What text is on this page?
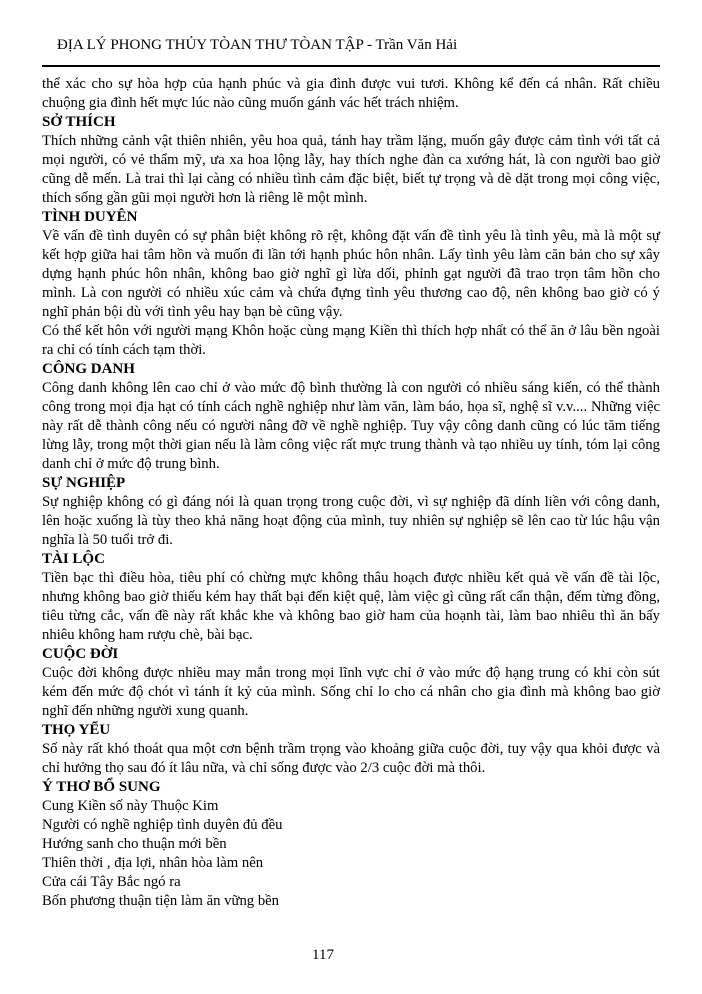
ĐỊA LÝ PHONG THỦY TÒAN THƯ TÒAN TẬP - Trần Văn Hải

thể xác cho sự hòa hợp của hạnh phúc và gia đình được vui tươi. Không kể đến cá nhân. Rất chiều chuộng gia đình hết mực lúc nào cũng muốn gánh vác hết trách nhiệm.

SỞ THÍCH

Thích những cảnh vật thiên nhiên, yêu hoa quả, tánh hay trầm lặng, muốn gây được cảm tình với tất cả mọi người, có vẻ thẩm mỹ, ưa xa hoa lộng lẫy, hay thích nghe đàn ca xướng hát, là con người bao giờ cũng dễ mến. Là trai thì lại càng có nhiều tình cảm đặc biệt, biết tự trọng và dè dặt trong mọi công việc, thích sống gần gũi mọi người hơn là riêng lẽ một mình.

TÌNH DUYÊN

Về vấn đề tình duyên có sự phân biệt không rõ rệt, không đặt vấn đề tình yêu là tình yêu, mà là một sự kết hợp giữa hai tâm hồn và muốn đi lần tới hạnh phúc hôn nhân. Lấy tình yêu làm căn bản cho sự xây dựng hạnh phúc hôn nhân, không bao giờ nghĩ gì lừa dối, phỉnh gạt người đã trao trọn tâm hồn cho mình. Là con người có nhiều xúc cảm và chứa đựng tình yêu thương cao độ, nên không bao giờ có ý nghĩ phản bội dù với tình yêu hay bạn bè cũng vậy.

Có thể kết hôn với người mạng Khôn hoặc cùng mạng Kiền thì thích hợp nhất có thể ăn ở lâu bền ngoài ra chỉ có tính cách tạm thời.

CÔNG DANH

Công danh không lên cao chỉ ở vào mức độ bình thường là con người có nhiều sáng kiến, có thể thành công trong mọi địa hạt có tính cách nghề nghiệp như làm văn, làm báo, họa sĩ, nghệ sĩ v.v.... Những việc này rất dễ thành công nếu có người nâng đỡ về nghề nghiệp. Tuy vậy công danh cũng có lúc tăm tiếng lừng lẫy, trong một thời gian nếu là làm công việc rất mực trung thành và tạo nhiều uy tính, tóm lại công danh chỉ ở mức độ trung bình.

SỰ NGHIỆP

Sự nghiệp không có gì đáng nói là quan trọng trong cuộc đời, vì sự nghiệp đã dính liền với công danh, lên hoặc xuống là tùy theo khả năng hoạt động của mình, tuy nhiên sự nghiệp sẽ lên cao từ lúc hậu vận nghĩa là 50 tuổi trở đi.

TÀI LỘC

Tiền bạc thì điều hòa, tiêu phí có chừng mực không thâu hoạch được nhiều kết quả về vấn đề tài lộc, nhưng không bao giờ thiếu kém hay thất bại đến kiệt quệ, làm việc gì cũng rất cẩn thận, đếm từng đồng, tiêu từng cắc, vấn đề này rất khắc khe và không bao giờ ham của hoạnh tài, làm bao nhiêu thì ăn bấy nhiêu không ham rượu chè, bài bạc.

CUỘC ĐỜI

Cuộc đời không được nhiều may mắn trong mọi lĩnh vực chỉ ở vào mức độ hạng trung có khi còn sút kém đến mức độ chót vì tánh ít kỷ của mình. Sống chỉ lo cho cá nhân cho gia đình mà không bao giờ nghĩ đến những người xung quanh.

THỌ YỂU

Số này rất khó thoát qua một cơn bệnh trầm trọng vào khoảng giữa cuộc đời, tuy vậy qua khỏi được và chỉ hưởng thọ sau đó ít lâu nữa, và chỉ sống được vào 2/3 cuộc đời mà thôi.

Ý THƠ BỔ SUNG
Cung Kiền số này Thuộc Kim
Người có nghề nghiệp tình duyên đủ đều
Hướng sanh cho thuận mới bền
Thiên thời , địa lợi, nhân hòa làm nên
Cửa cái Tây Bắc ngó ra
Bốn phương thuận tiện làm ăn vững bền
117
